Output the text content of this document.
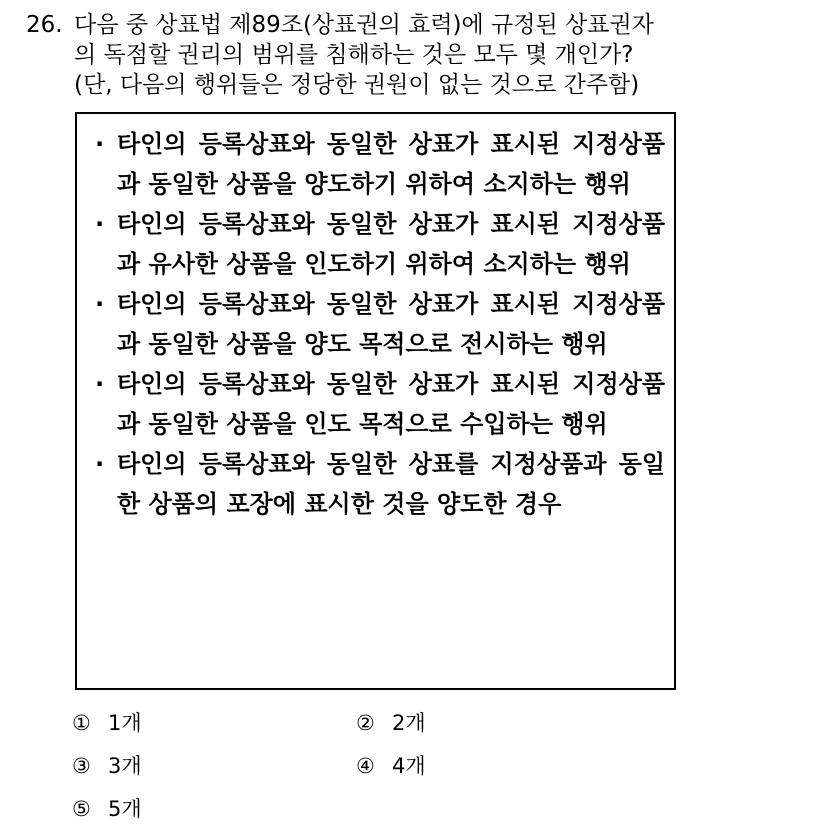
26. 다음 중 상표법 제89조(상표권의 효력)에 규정된 상표권자
의 독점할 권리의 범위를 침해하는 것은 모두 몇 개인가?
(단, 다음의 행위들은 정당한 권원이 없는 것으로 간주함)
· 타인의 등록상표와 동일한 상표가 표시된 지정상품과 동일한 상품을 양도하기 위하여 소지하는 행위
· 타인의 등록상표와 동일한 상표가 표시된 지정상품과 유사한 상품을 인도하기 위하여 소지하는 행위
· 타인의 등록상표와 동일한 상표가 표시된 지정상품과 동일한 상품을 양도 목적으로 전시하는 행위
· 타인의 등록상표와 동일한 상표가 표시된 지정상품과 동일한 상품을 인도 목적으로 수입하는 행위
· 타인의 등록상표와 동일한 상표를 지정상품과 동일한 상품의 포장에 표시한 것을 양도한 경우
① 1개	② 2개
③ 3개	④ 4개
⑤ 5개
